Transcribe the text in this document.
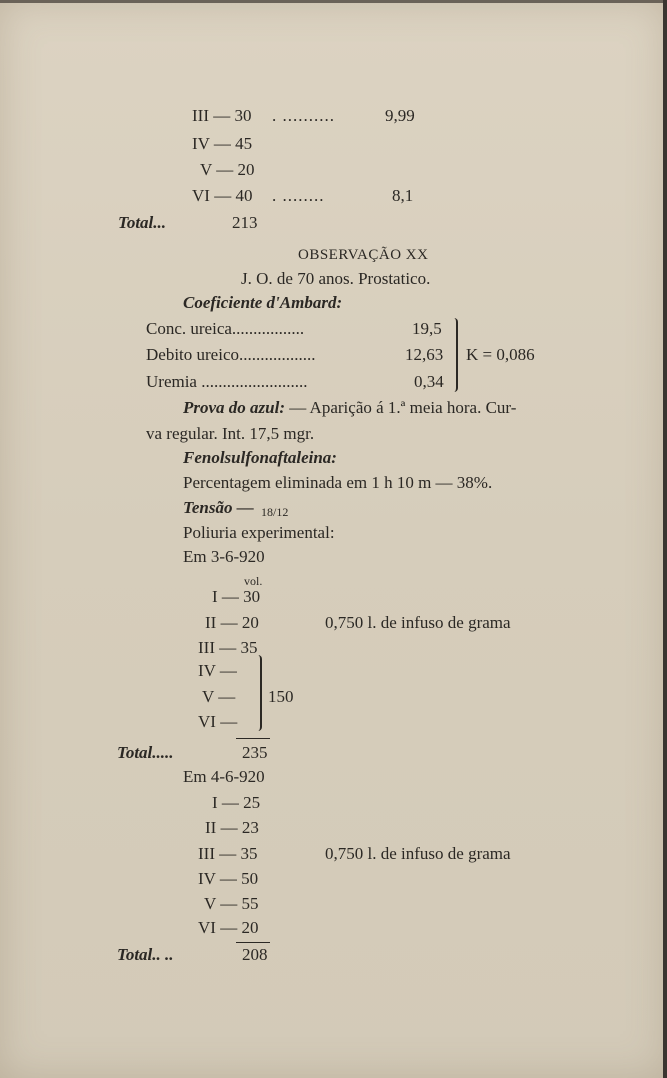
III — 30 . ..........	9,99
IV — 45
V — 20
VI — 40 . ........	8,1
Total...	213
OBSERVAÇÃO XX
J. O. de 70 anos. Prostatico.
Coeficiente d'Ambard:
Conc. ureica.................	19,5
Debito ureico..................	12,63
Uremia .........................	0,34
K = 0,086
Prova do azul: — Aparição á 1.ª meia hora. Cur-
va regular. Int. 17,5 mgr.
Fenolsulfonaftaleina:
Percentagem eliminada em 1 h 10 m — 38%.
Tensão — 18/12
Poliuria experimental:
Em 3-6-920
vol.
I — 30
II — 20	0,750 l. de infuso de grama
III — 35
IV —
V —
VI —
150
Total.....	235
Em 4-6-920
I — 25
II — 23
III — 35	0,750 l. de infuso de grama
IV — 50
V — 55
VI — 20
Total.. ..	208
